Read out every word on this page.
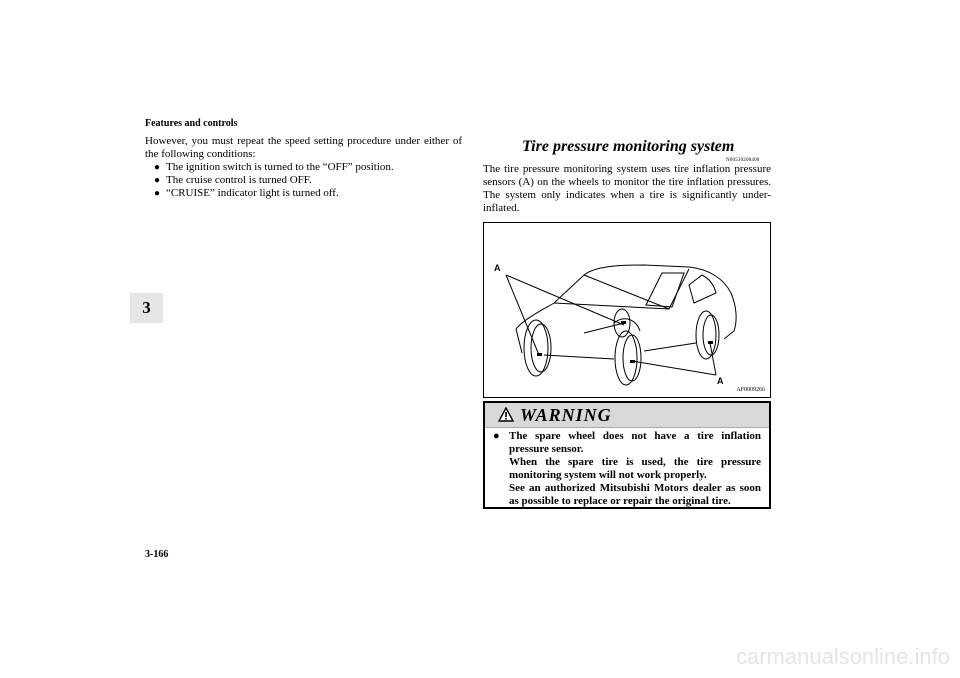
Features and controls
3

However, you must repeat the speed setting procedure under either of the following conditions:

● The ignition switch is turned to the “OFF” position.
● The cruise control is turned OFF.
● “CRUISE” indicator light is turned off.
Tire pressure monitoring system
N00530200400

The tire pressure monitoring system uses tire inflation pressure sensors (A) on the wheels to monitor the tire inflation pressures. The system only indicates when a tire is significantly under-inflated.

A
A
AF0009266
WARNING
● The spare wheel does not have a tire inflation pressure sensor.

When the spare tire is used, the tire pressure monitoring system will not work properly.

See an authorized Mitsubishi Motors dealer as soon as possible to replace or repair the original tire.

3-166
carmanualsonline.info
